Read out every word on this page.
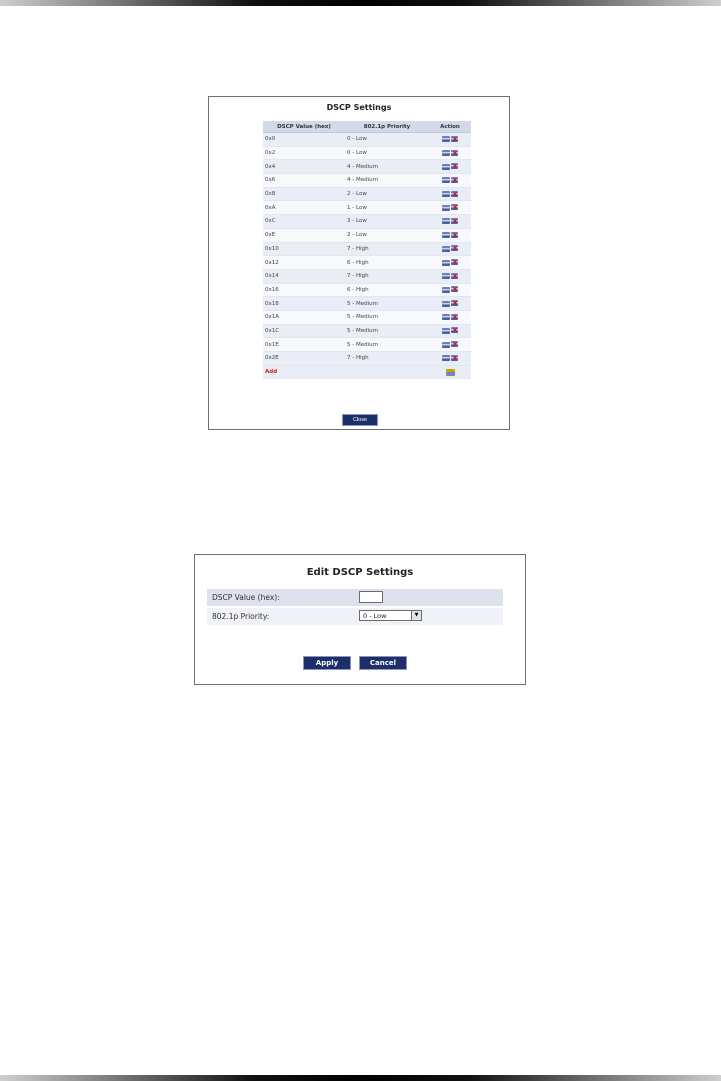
DSCP Settings
DSCP Value (hex)	802.1p Priority	Action
0x0	0 - Low	✖
0x2	0 - Low	✖
0x4	4 - Medium	✖
0x6	4 - Medium	✖
0x8	2 - Low	✖
0xA	1 - Low	✖
0xC	3 - Low	✖
0xE	2 - Low	✖
0x10	7 - High	✖
0x12	6 - High	✖
0x14	7 - High	✖
0x16	6 - High	✖
0x18	5 - Medium	✖
0x1A	5 - Medium	✖
0x1C	5 - Medium	✖
0x1E	5 - Medium	✖
0x2E	7 - High	✖
Add		
Close
Edit DSCP Settings
DSCP Value (hex):
802.1p Priority:	0 - Low	▼
Apply	Cancel
